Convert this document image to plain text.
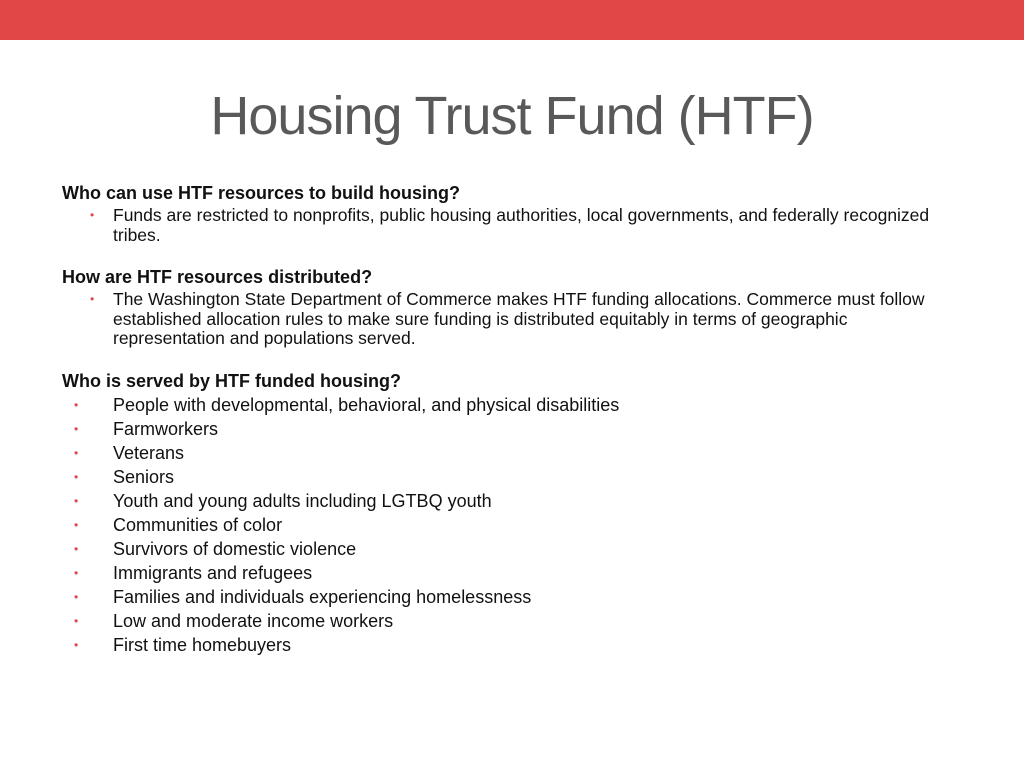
Housing Trust Fund (HTF)

Who can use HTF resources to build housing?

• Funds are restricted to nonprofits, public housing authorities, local governments, and federally recognized tribes.

How are HTF resources distributed?

• The Washington State Department of Commerce makes HTF funding allocations. Commerce must follow established allocation rules to make sure funding is distributed equitably in terms of geographic representation and populations served.

Who is served by HTF funded housing?

• People with developmental, behavioral, and physical disabilities
• Farmworkers
• Veterans
• Seniors
• Youth and young adults including LGTBQ youth
• Communities of color
• Survivors of domestic violence
• Immigrants and refugees
• Families and individuals experiencing homelessness
• Low and moderate income workers
• First time homebuyers
